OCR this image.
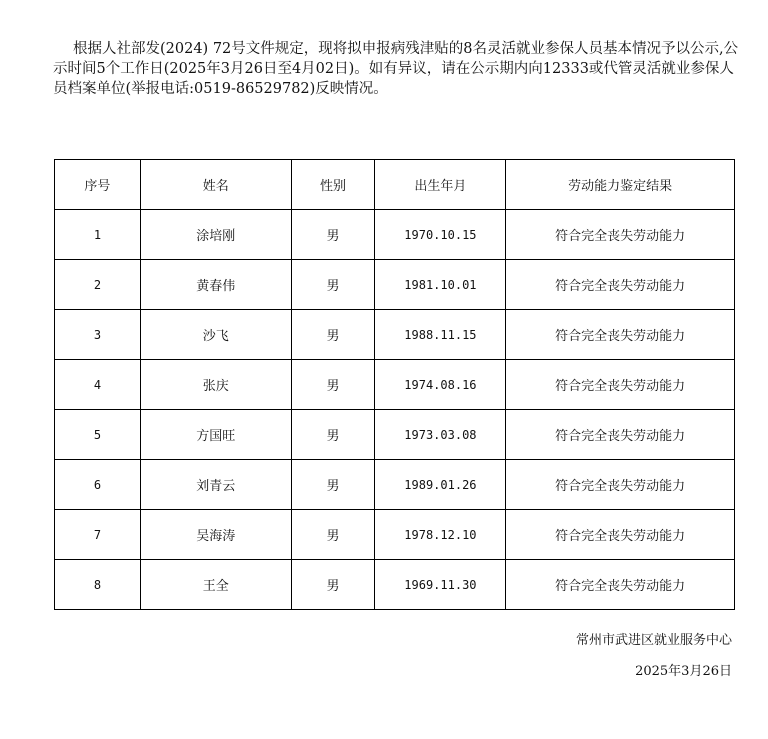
根据人社部发(2024) 72号文件规定，现将拟申报病残津贴的8名灵活就业参保人员基本情况予以公示,公示时间5个工作日(2025年3月26日至4月02日)。如有异议，请在公示期内向12333或代管灵活就业参保人员档案单位(举报电话:0519-86529782)反映情况。

序号	姓名	性别	出生年月	劳动能力鉴定结果
1	涂培刚	男	1970.10.15	符合完全丧失劳动能力
2	黄春伟	男	1981.10.01	符合完全丧失劳动能力
3	沙飞	男	1988.11.15	符合完全丧失劳动能力
4	张庆	男	1974.08.16	符合完全丧失劳动能力
5	方国旺	男	1973.03.08	符合完全丧失劳动能力
6	刘青云	男	1989.01.26	符合完全丧失劳动能力
7	吴海涛	男	1978.12.10	符合完全丧失劳动能力
8	王全	男	1969.11.30	符合完全丧失劳动能力
常州市武进区就业服务中心
2025年3月26日
